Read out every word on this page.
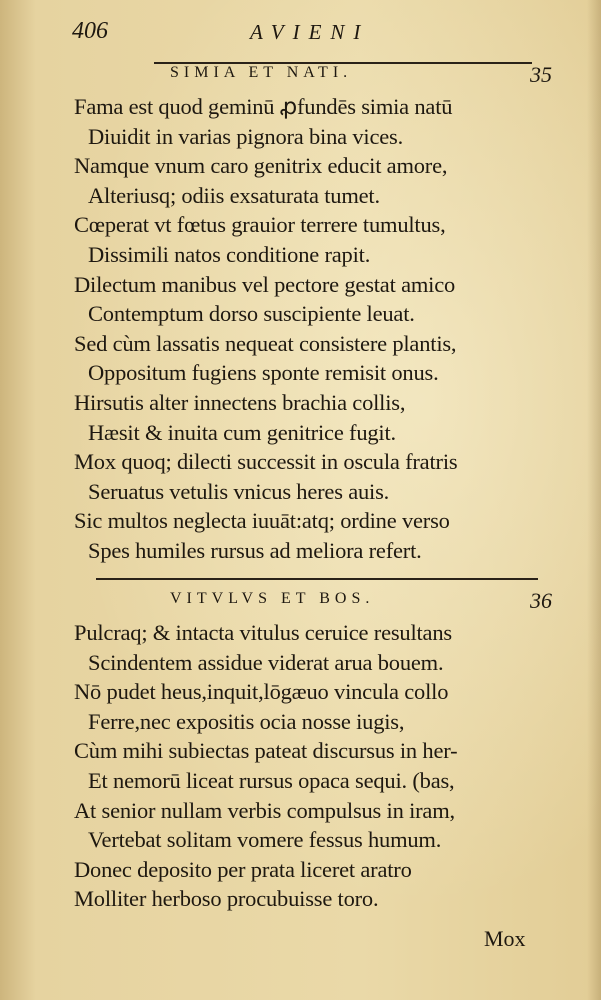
406	AVIENI
SIMIA ET NATI.	35
Fama est quod geminū ꝓfundēs simia natū
Diuidit in varias pignora bina vices.
Namque vnum caro genitrix educit amore,
Alteriusq; odiis exsaturata tumet.
Cœperat vt fœtus grauior terrere tumultus,
Dissimili natos conditione rapit.
Dilectum manibus vel pectore gestat amico
Contemptum dorso suscipiente leuat.
Sed cùm lassatis nequeat consistere plantis,
Oppositum fugiens sponte remisit onus.
Hirsutis alter innectens brachia collis,
Hæsit & inuita cum genitrice fugit.
Mox quoq; dilecti successit in oscula fratris
Seruatus vetulis vnicus heres auis.
Sic multos neglecta iuuāt:atq; ordine verso
Spes humiles rursus ad meliora refert.
VITVLVS ET BOS.	36
Pulcraq; & intacta vitulus ceruice resultans
Scindentem assidue viderat arua bouem.
Nō pudet heus,inquit,lōgæuo vincula collo
Ferre,nec expositis ocia nosse iugis,
Cùm mihi subiectas pateat discursus in her-
Et nemorū liceat rursus opaca sequi. (bas,
At senior nullam verbis compulsus in iram,
Vertebat solitam vomere fessus humum.
Donec deposito per prata liceret aratro
Molliter herboso procubuisse toro.
Mox
